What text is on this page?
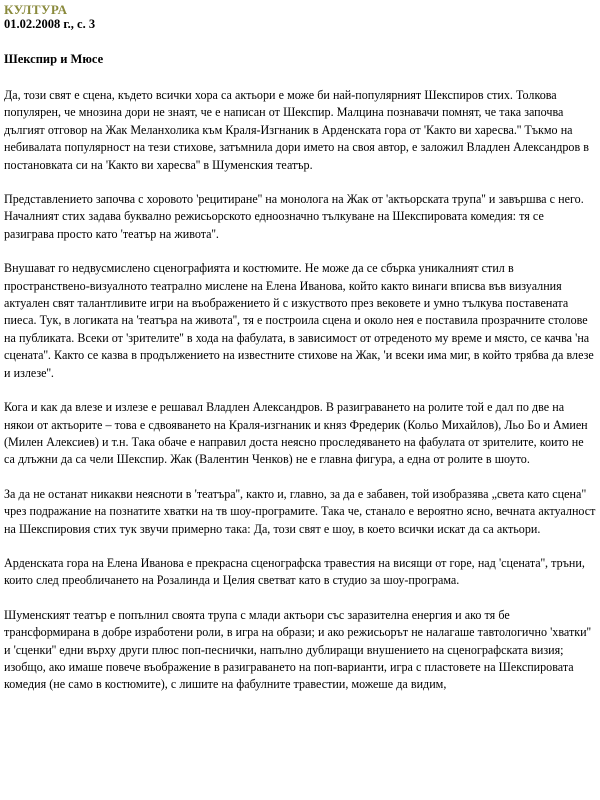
КУЛТУРА
01.02.2008 г., с. 3
Шекспир и Мюсе

Да, този свят е сцена, където всички хора са актьори е може би най-популярният Шекспиров стих. Толкова популярен, че мнозина дори не знаят, че е написан от Шекспир. Малцина познавачи помнят, че така започва дългият отговор на Жак Меланхолика към Краля-Изгнаник в Арденската гора от 'Както ви харесва.'' Тъкмо на небивалата популярност на тези стихове, затъмнила дори името на своя автор, е заложил Владлен Александров в постановката си на 'Както ви харесва'' в Шуменския театър.

Представлението започва с хоровото 'рецитиране'' на монолога на Жак от 'актьорската трупа'' и завършва с него. Началният стих задава буквално режисьорското едноозначно тълкуване на Шекспировата комедия: тя се разиграва просто като 'театър на живота''.

Внушават го недвусмислено сценографията и костюмите. Не може да се сбърка уникалният стил в пространствено-визуалното театрално мислене на Елена Иванова, който както винаги вписва във визуалния актуален свят талантливите игри на въображението й с изкуството през вековете и умно тълкува поставената пиеса. Тук, в логиката на 'театъра на живота'', тя е построила сцена и около нея е поставила прозрачните столове на публиката. Всеки от 'зрителите'' в хода на фабулата, в зависимост от отреденото му време и място, се качва 'на сцената''. Както се казва в продължението на известните стихове на Жак, 'и всеки има миг, в който трябва да влезе и излезе''.

Кога и как да влезе и излезе е решавал Владлен Александров. В разиграването на ролите той е дал по две на някои от актьорите – това е сдвояването на Краля-изгнаник и княз Фредерик (Кольо Михайлов), Льо Бо и Амиен (Милен Алексиев) и т.н. Така обаче е направил доста неясно проследяването на фабулата от зрителите, които не са длъжни да са чели Шекспир. Жак (Валентин Ченков) не е главна фигура, а една от ролите в шоуто.

За да не останат никакви неясноти в 'театъра'', както и, главно, за да е забавен, той изобразява „света като сцена" чрез подражание на познатите хватки на тв шоу-програмите. Така че, станало е вероятно ясно, вечната актуалност на Шекспировия стих тук звучи примерно така: Да, този свят е шоу, в което всички искат да са актьори.

Арденската гора на Елена Иванова е прекрасна сценографска травестия на висящи от горе, над 'сцената'', тръни, които след преобличането на Розалинда и Целия светват като в студио за шоу-програма.

Шуменският театър е попълнил своята трупа с млади актьори със заразителна енергия и ако тя бе трансформирана в добре изработени роли, в игра на образи; и ако режисьорът не налагаше тавтологично 'хватки'' и 'сценки'' едни върху други плюс поп-песнички, напълно дублиращи внушението на сценографската визия; изобщо, ако имаше повече въображение в разиграването на поп-варианти, игра с пластовете на Шекспировата комедия (не само в костюмите), с лишите на фабулните травестии, можеше да видим,
